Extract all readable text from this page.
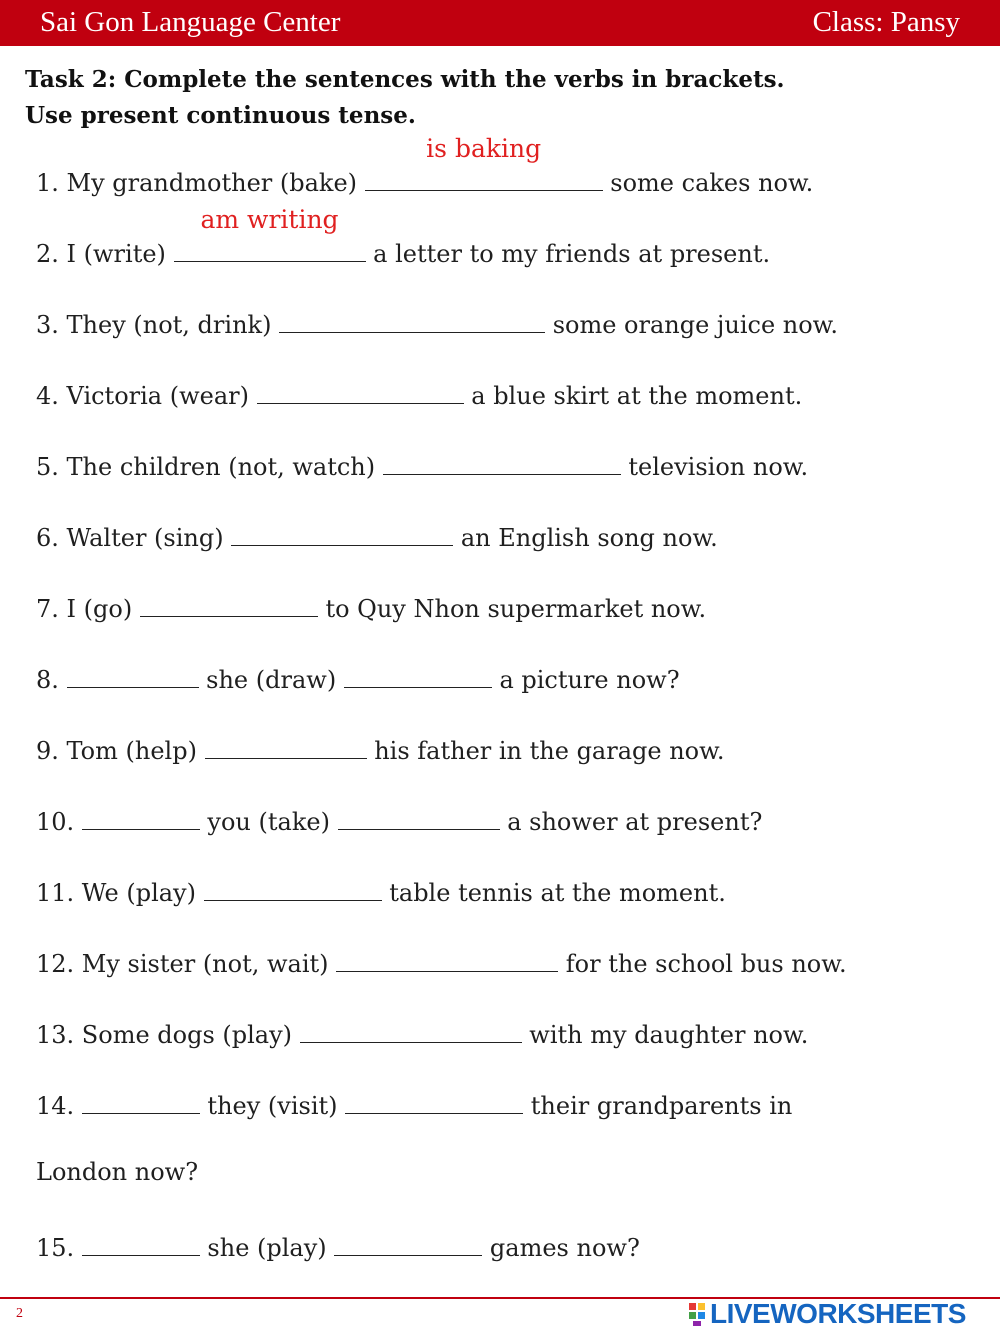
Sai Gon Language Center	Class: Pansy
Task 2: Complete the sentences with the verbs in brackets.
Use present continuous tense.
1. My grandmother (bake)
is baking
some cakes now.
2. I (write)
am writing
a letter to my friends at present.
3. They (not, drink)	some orange juice now.
4. Victoria (wear)	a blue skirt at the moment.
5. The children (not, watch)	television now.
6. Walter (sing)	an English song now.
7. I (go)	to Quy Nhon supermarket now.
8.	she (draw)	a picture now?
9. Tom (help)	his father in the garage now.
10.	you (take)	a shower at present?
11. We (play)	table tennis at the moment.
12. My sister (not, wait)	for the school bus now.
13. Some dogs (play)	with my daughter now.
14.	they (visit)	their grandparents in
London now?
15.	she (play)	games now?
2	LIVEWORKSHEETS
